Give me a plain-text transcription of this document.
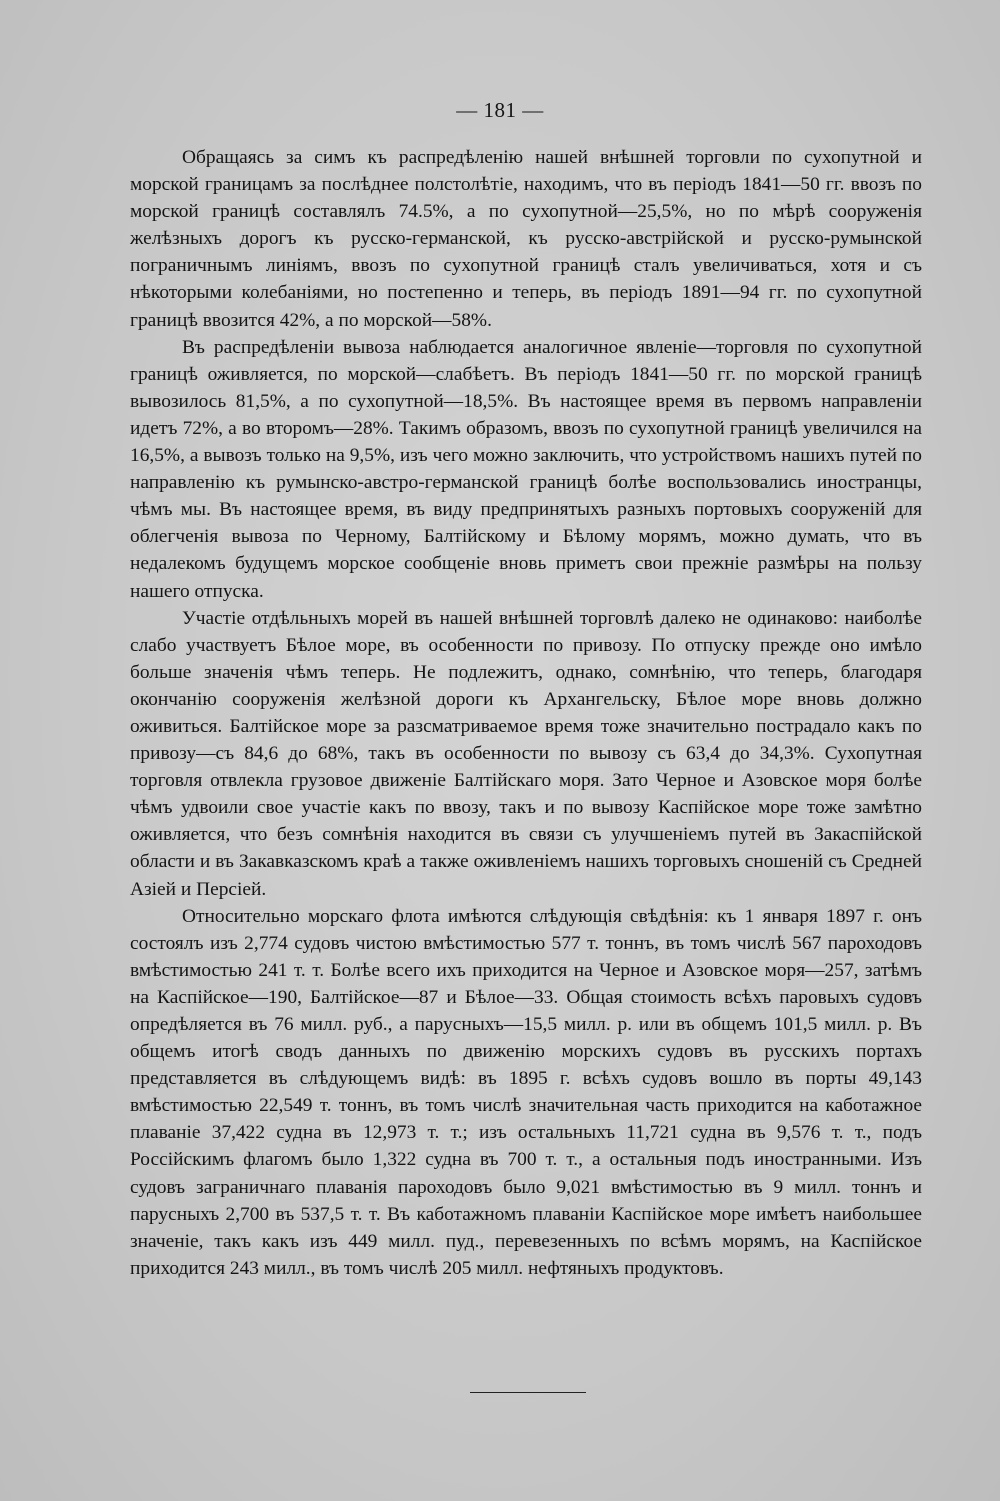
— 181 —

Обращаясь за симъ къ распредѣленію нашей внѣшней торговли по сухопутной и морской границамъ за послѣднее полстолѣтіе, находимъ, что въ періодъ 1841—50 гг. ввозъ по морской границѣ составлялъ 74.5%, а по сухопутной—25,5%, но по мѣрѣ сооруженія желѣзныхъ дорогъ къ русско-германской, къ русско-австрійской и русско-румынской пограничнымъ линіямъ, ввозъ по сухопутной границѣ сталъ увеличиваться, хотя и съ нѣкоторыми колебаніями, но постепенно и теперь, въ періодъ 1891—94 гг. по сухопутной границѣ ввозится 42%, а по морской—58%.

Въ распредѣленіи вывоза наблюдается аналогичное явленіе—торговля по сухопутной границѣ оживляется, по морской—слабѣетъ. Въ періодъ 1841—50 гг. по морской границѣ вывозилось 81,5%, а по сухопутной—18,5%. Въ настоящее время въ первомъ направленіи идетъ 72%, а во второмъ—28%. Такимъ образомъ, ввозъ по сухопутной границѣ увеличился на 16,5%, а вывозъ только на 9,5%, изъ чего можно заключить, что устройствомъ нашихъ путей по направленію къ румынско-австро-германской границѣ болѣе воспользовались иностранцы, чѣмъ мы. Въ настоящее время, въ виду предпринятыхъ разныхъ портовыхъ сооруженій для облегченія вывоза по Черному, Балтійскому и Бѣлому морямъ, можно думать, что въ недалекомъ будущемъ морское сообщеніе вновь приметъ свои прежніе размѣры на пользу нашего отпуска.

Участіе отдѣльныхъ морей въ нашей внѣшней торговлѣ далеко не одинаково: наиболѣе слабо участвуетъ Бѣлое море, въ особенности по привозу. По отпуску прежде оно имѣло больше значенія чѣмъ теперь. Не подлежитъ, однако, сомнѣнію, что теперь, благодаря окончанію сооруженія желѣзной дороги къ Архангельску, Бѣлое море вновь должно оживиться. Балтійское море за разсматриваемое время тоже значительно пострадало какъ по привозу—съ 84,6 до 68%, такъ въ особенности по вывозу съ 63,4 до 34,3%. Сухопутная торговля отвлекла грузовое движеніе Балтійскаго моря. Зато Черное и Азовское моря болѣе чѣмъ удвоили свое участіе какъ по ввозу, такъ и по вывозу Каспійское море тоже замѣтно оживляется, что безъ сомнѣнія находится въ связи съ улучшеніемъ путей въ Закаспійской области и въ Закавказскомъ краѣ а также оживленіемъ нашихъ торговыхъ сношеній съ Средней Азіей и Персіей.

Относительно морскаго флота имѣются слѣдующія свѣдѣнія: къ 1 января 1897 г. онъ состоялъ изъ 2,774 судовъ чистою вмѣстимостью 577 т. тоннъ, въ томъ числѣ 567 пароходовъ вмѣстимостью 241 т. т. Болѣе всего ихъ приходится на Черное и Азовское моря—257, затѣмъ на Каспійское—190, Балтійское—87 и Бѣлое—33. Общая стоимость всѣхъ паровыхъ судовъ опредѣляется въ 76 милл. руб., а парусныхъ—15,5 милл. р. или въ общемъ 101,5 милл. р. Въ общемъ итогѣ сводъ данныхъ по движенію морскихъ судовъ въ русскихъ портахъ представляется въ слѣдующемъ видѣ: въ 1895 г. всѣхъ судовъ вошло въ порты 49,143 вмѣстимостью 22,549 т. тоннъ, въ томъ числѣ значительная часть приходится на каботажное плаваніе 37,422 судна въ 12,973 т. т.; изъ остальныхъ 11,721 судна въ 9,576 т. т., подъ Россійскимъ флагомъ было 1,322 судна въ 700 т. т., а остальныя подъ иностранными. Изъ судовъ заграничнаго плаванія пароходовъ было 9,021 вмѣстимостью въ 9 милл. тоннъ и парусныхъ 2,700 въ 537,5 т. т. Въ каботажномъ плаваніи Каспійское море имѣетъ наибольшее значеніе, такъ какъ изъ 449 милл. пуд., перевезенныхъ по всѣмъ морямъ, на Каспійское приходится 243 милл., въ томъ числѣ 205 милл. нефтяныхъ продуктовъ.
